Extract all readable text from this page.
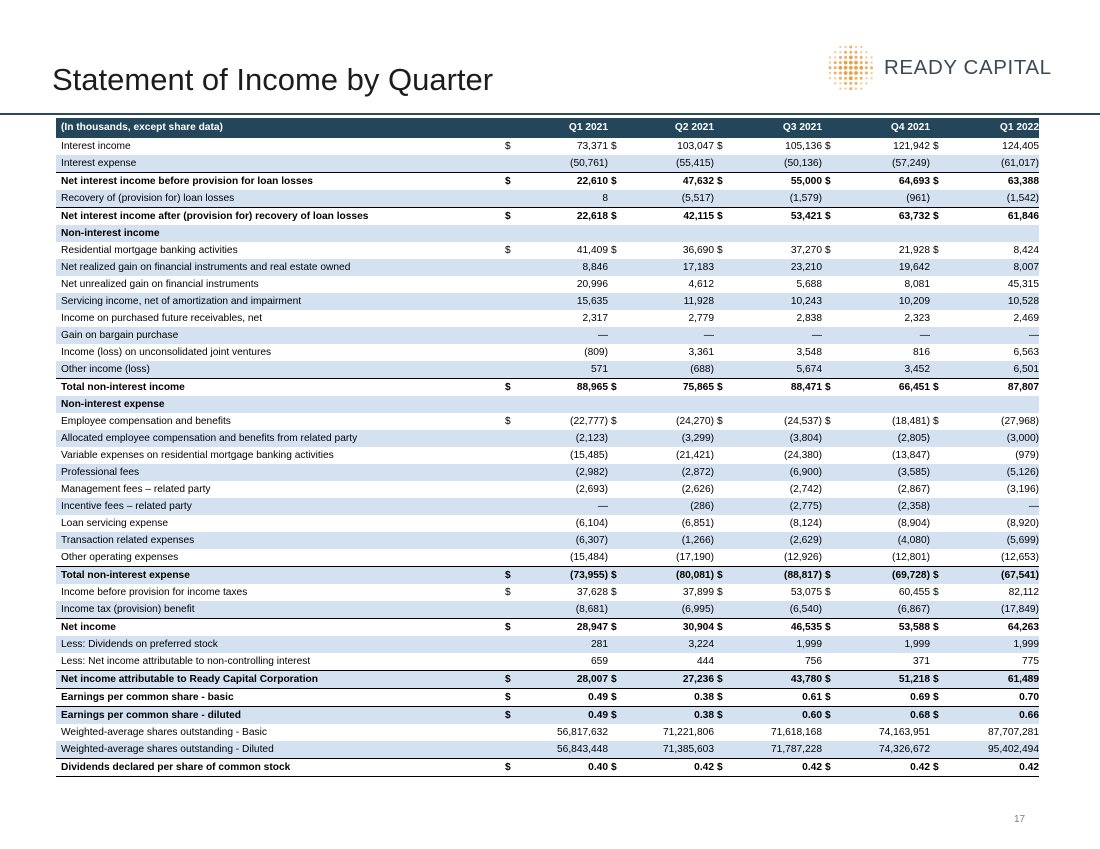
Statement of Income by Quarter	READY CAPITAL
(In thousands, except share data)		Q1 2021		Q2 2021		Q3 2021		Q4 2021		Q1 2022
Interest income	$	73,371	$	103,047	$	105,136	$	121,942	$	124,405
Interest expense		(50,761)		(55,415)		(50,136)		(57,249)		(61,017)
Net interest income before provision for loan losses	$	22,610	$	47,632	$	55,000	$	64,693	$	63,388
Recovery of (provision for) loan losses		8		(5,517)		(1,579)		(961)		(1,542)
Net interest income after (provision for) recovery of loan losses	$	22,618	$	42,115	$	53,421	$	63,732	$	61,846
Non-interest income										
Residential mortgage banking activities	$	41,409	$	36,690	$	37,270	$	21,928	$	8,424
Net realized gain on financial instruments and real estate owned		8,846		17,183		23,210		19,642		8,007
Net unrealized gain on financial instruments		20,996		4,612		5,688		8,081		45,315
Servicing income, net of amortization and impairment		15,635		11,928		10,243		10,209		10,528
Income on purchased future receivables, net		2,317		2,779		2,838		2,323		2,469
Gain on bargain purchase		—		—		—		—		—
Income (loss) on unconsolidated joint ventures		(809)		3,361		3,548		816		6,563
Other income (loss)		571		(688)		5,674		3,452		6,501
Total non-interest income	$	88,965	$	75,865	$	88,471	$	66,451	$	87,807
Non-interest expense										
Employee compensation and benefits	$	(22,777)	$	(24,270)	$	(24,537)	$	(18,481)	$	(27,968)
Allocated employee compensation and benefits from related party		(2,123)		(3,299)		(3,804)		(2,805)		(3,000)
Variable expenses on residential mortgage banking activities		(15,485)		(21,421)		(24,380)		(13,847)		(979)
Professional fees		(2,982)		(2,872)		(6,900)		(3,585)		(5,126)
Management fees – related party		(2,693)		(2,626)		(2,742)		(2,867)		(3,196)
Incentive fees – related party		—		(286)		(2,775)		(2,358)		—
Loan servicing expense		(6,104)		(6,851)		(8,124)		(8,904)		(8,920)
Transaction related expenses		(6,307)		(1,266)		(2,629)		(4,080)		(5,699)
Other operating expenses		(15,484)		(17,190)		(12,926)		(12,801)		(12,653)
Total non-interest expense	$	(73,955)	$	(80,081)	$	(88,817)	$	(69,728)	$	(67,541)
Income before provision for income taxes	$	37,628	$	37,899	$	53,075	$	60,455	$	82,112
Income tax (provision) benefit		(8,681)		(6,995)		(6,540)		(6,867)		(17,849)
Net income	$	28,947	$	30,904	$	46,535	$	53,588	$	64,263
Less: Dividends on preferred stock		281		3,224		1,999		1,999		1,999
Less: Net income attributable to non-controlling interest		659		444		756		371		775
Net income attributable to Ready Capital Corporation	$	28,007	$	27,236	$	43,780	$	51,218	$	61,489
Earnings per common share - basic	$	0.49	$	0.38	$	0.61	$	0.69	$	0.70
Earnings per common share - diluted	$	0.49	$	0.38	$	0.60	$	0.68	$	0.66
Weighted-average shares outstanding - Basic		56,817,632		71,221,806		71,618,168		74,163,951		87,707,281
Weighted-average shares outstanding - Diluted		56,843,448		71,385,603		71,787,228		74,326,672		95,402,494
Dividends declared per share of common stock	$	0.40	$	0.42	$	0.42	$	0.42	$	0.42
17
